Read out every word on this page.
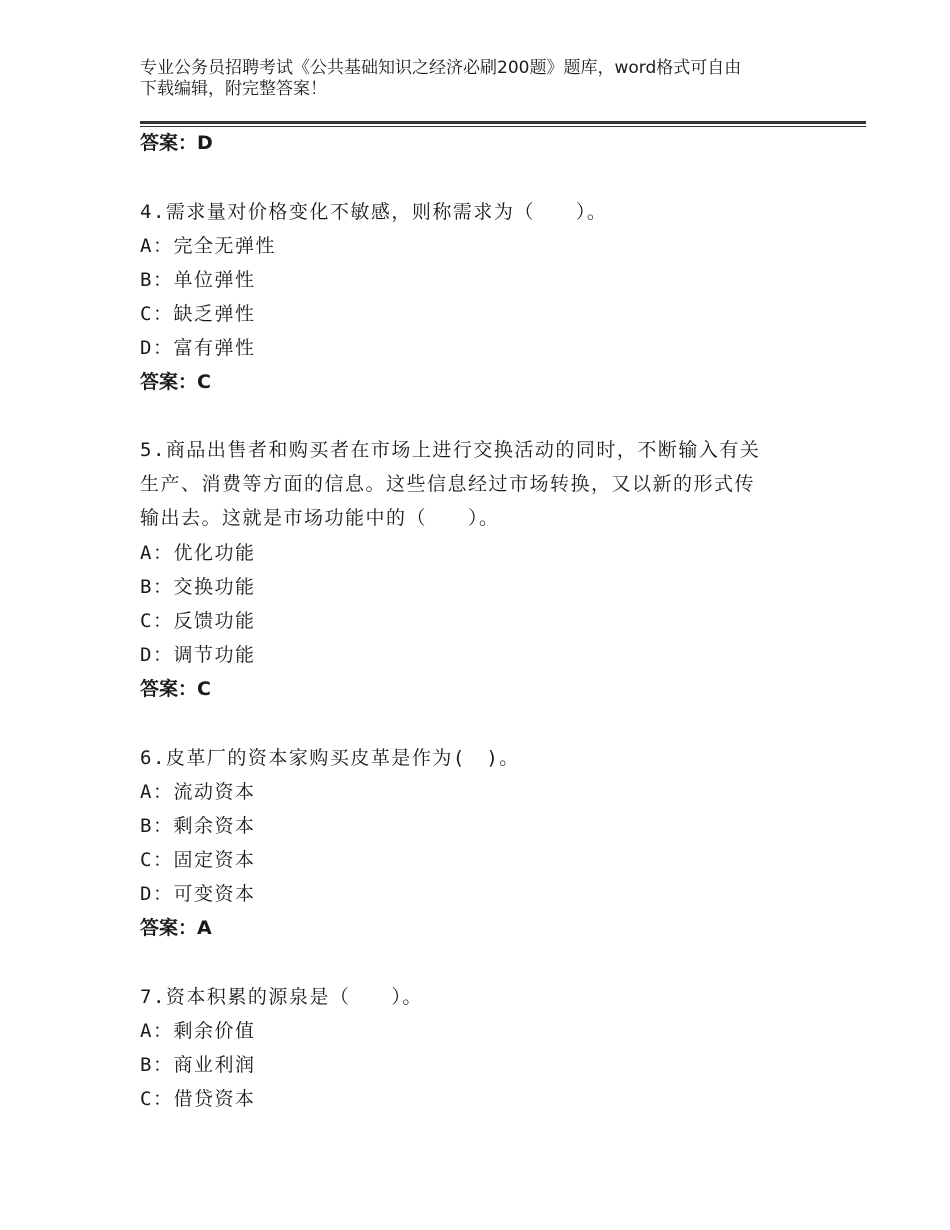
专业公务员招聘考试《公共基础知识之经济必刷200题》题库，word格式可自由
下载编辑，附完整答案！
答案：D
4.需求量对价格变化不敏感，则称需求为（　　）。
A：完全无弹性
B：单位弹性
C：缺乏弹性
D：富有弹性
答案：C
5.商品出售者和购买者在市场上进行交换活动的同时，不断输入有关
生产、消费等方面的信息。这些信息经过市场转换，又以新的形式传
输出去。这就是市场功能中的（　　）。
A：优化功能
B：交换功能
C：反馈功能
D：调节功能
答案：C
6.皮革厂的资本家购买皮革是作为(　)。
A：流动资本
B：剩余资本
C：固定资本
D：可变资本
答案：A
7.资本积累的源泉是（　　）。
A：剩余价值
B：商业利润
C：借贷资本
